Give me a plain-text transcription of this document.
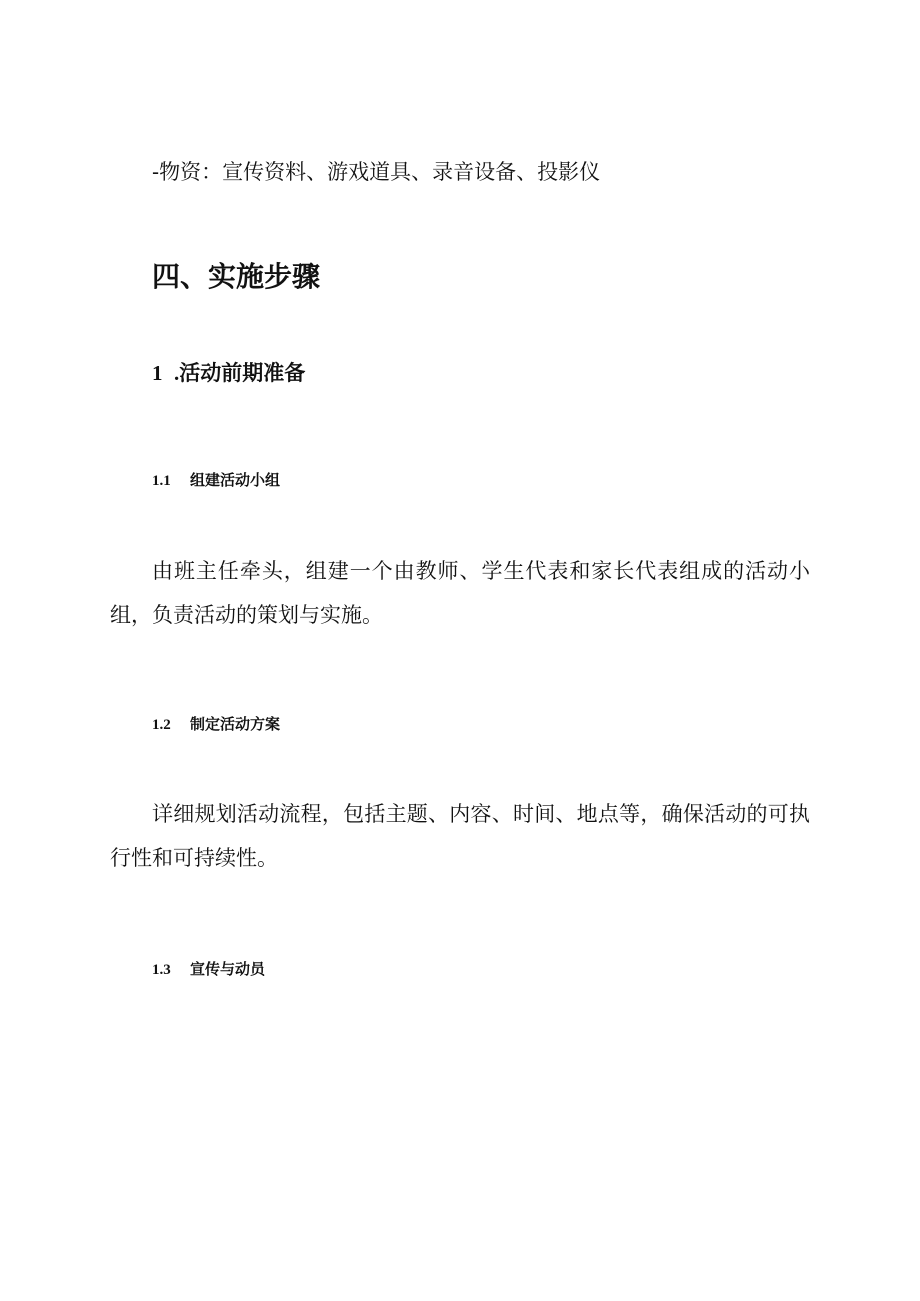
-物资：宣传资料、游戏道具、录音设备、投影仪

四、实施步骤
1 .活动前期准备
1.1 组建活动小组

由班主任牵头，组建一个由教师、学生代表和家长代表组成的活动小组，负责活动的策划与实施。

1.2 制定活动方案

详细规划活动流程，包括主题、内容、时间、地点等，确保活动的可执行性和可持续性。

1.3 宣传与动员
